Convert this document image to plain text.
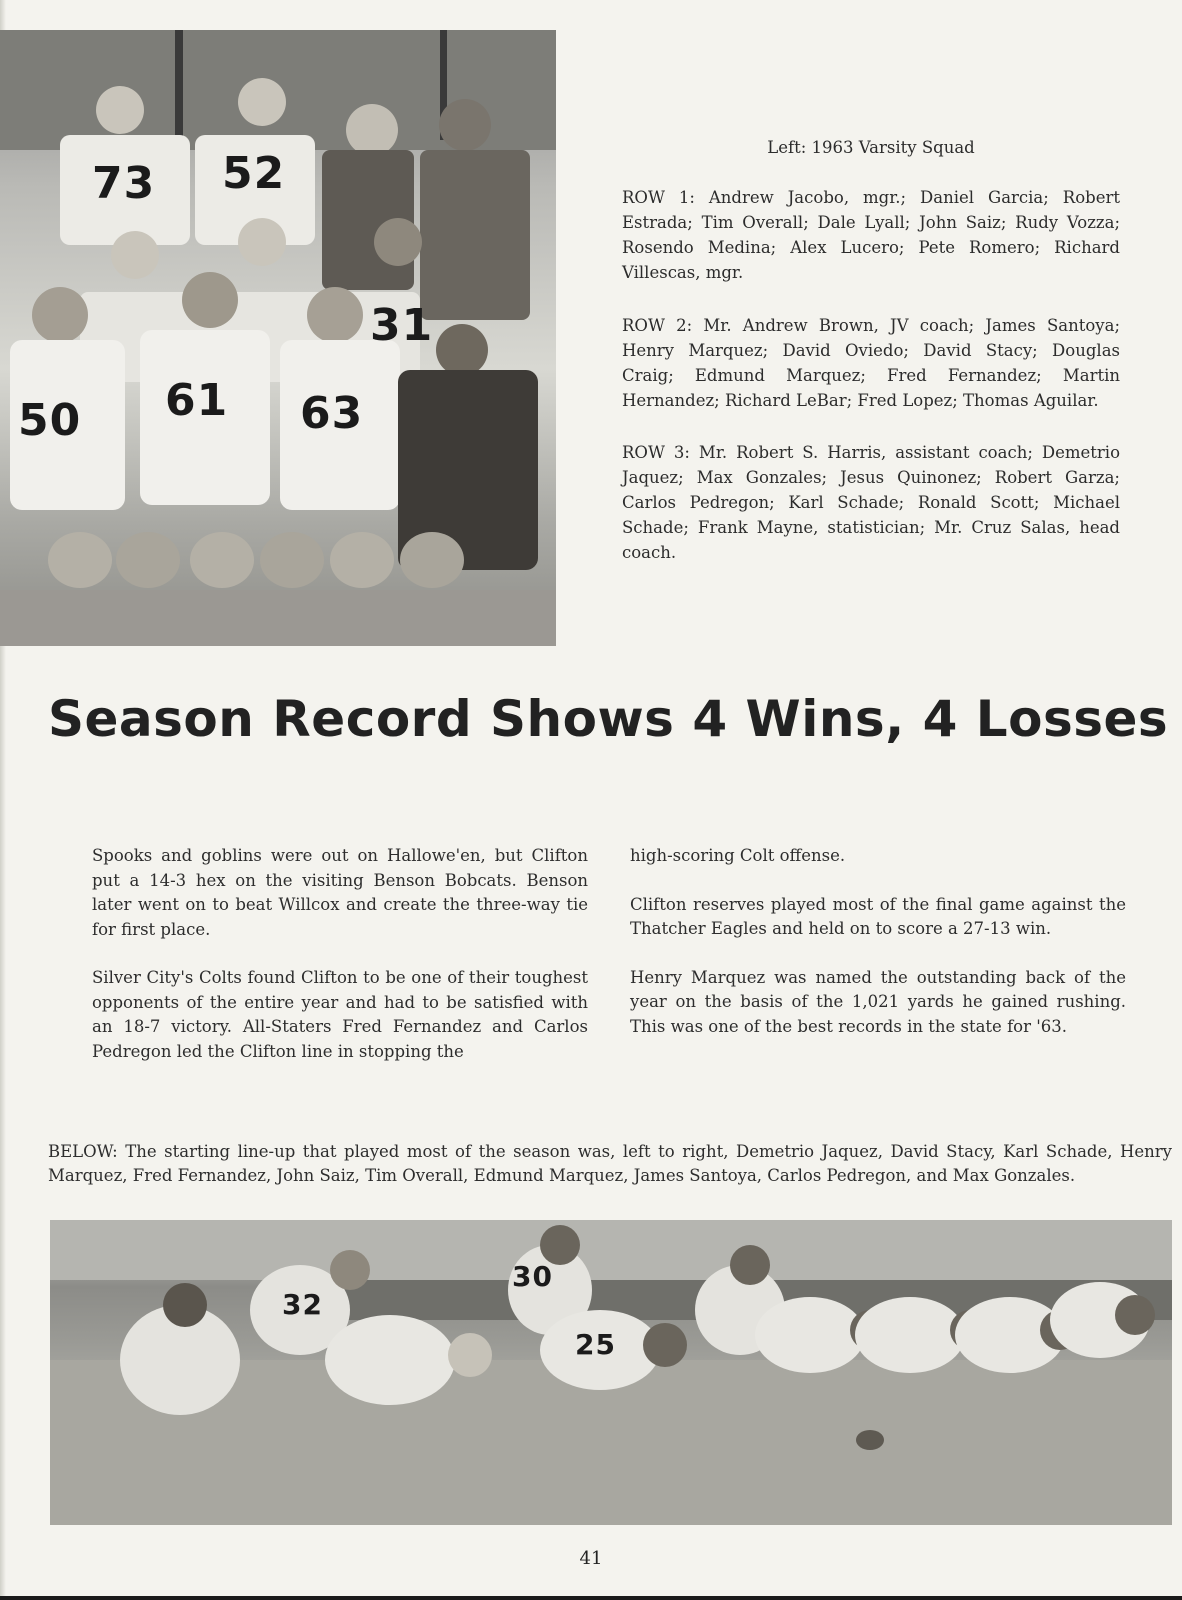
73 52
50 61 63
31
Left: 1963 Varsity Squad
ROW 1: Andrew Jacobo, mgr.; Daniel Garcia; Robert Estrada; Tim Overall; Dale Lyall; John Saiz; Rudy Vozza; Rosendo Medina; Alex Lucero; Pete Romero; Richard Villescas, mgr.
ROW 2: Mr. Andrew Brown, JV coach; James Santoya; Henry Marquez; David Oviedo; David Stacy; Douglas Craig; Edmund Marquez; Fred Fernandez; Martin Hernandez; Richard LeBar; Fred Lopez; Thomas Aguilar.
ROW 3: Mr. Robert S. Harris, assistant coach; Demetrio Jaquez; Max Gonzales; Jesus Quinonez; Robert Garza; Carlos Pedregon; Karl Schade; Ronald Scott; Michael Schade; Frank Mayne, statistician; Mr. Cruz Salas, head coach.
Season Record Shows 4 Wins, 4 Losses

Spooks and goblins were out on Hallowe'en, but Clifton put a 14-3 hex on the visiting Benson Bobcats. Benson later went on to beat Willcox and create the three-way tie for first place.

Silver City's Colts found Clifton to be one of their toughest opponents of the entire year and had to be satisfied with an 18-7 victory. All-Staters Fred Fernandez and Carlos Pedregon led the Clifton line in stopping the

high-scoring Colt offense.

Clifton reserves played most of the final game against the Thatcher Eagles and held on to score a 27-13 win.

Henry Marquez was named the outstanding back of the year on the basis of the 1,021 yards he gained rushing. This was one of the best records in the state for '63.

BELOW: The starting line-up that played most of the season was, left to right, Demetrio Jaquez, David Stacy, Karl Schade, Henry Marquez, Fred Fernandez, John Saiz, Tim Overall, Edmund Marquez, James Santoya, Carlos Pedregon, and Max Gonzales.
32
30
25
41
